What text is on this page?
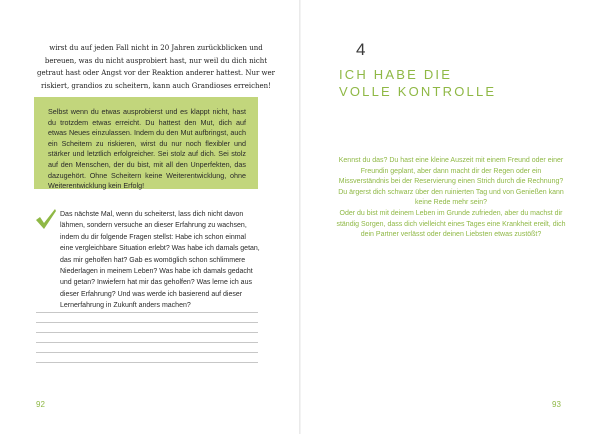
wirst du auf jeden Fall nicht in 20 Jahren zurückblicken und bereuen, was du nicht ausprobiert hast, nur weil du dich nicht getraut hast oder Angst vor der Reaktion anderer hattest. Nur wer riskiert, grandios zu scheitern, kann auch Grandioses erreichen!

Selbst wenn du etwas ausprobierst und es klappt nicht, hast du trotzdem etwas erreicht. Du hattest den Mut, dich auf etwas Neues einzulassen. Indem du den Mut aufbringst, auch ein Scheitern zu riskieren, wirst du nur noch flexibler und stärker und letztlich erfolgreicher. Sei stolz auf dich. Sei stolz auf den Menschen, der du bist, mit all den Unperfekten, das dazugehört. Ohne Scheitern keine Weiterentwicklung, ohne Weiterentwicklung kein Erfolg!

Das nächste Mal, wenn du scheiterst, lass dich nicht davon lähmen, sondern versuche an dieser Erfahrung zu wachsen, indem du dir folgende Fragen stellst: Habe ich schon einmal eine vergleichbare Situation erlebt? Was habe ich damals getan, das mir geholfen hat? Gab es womöglich schon schlimmere Niederlagen in meinem Leben? Was habe ich damals gedacht und getan? Inwiefern hat mir das geholfen? Was lerne ich aus dieser Erfahrung? Und was werde ich basierend auf dieser Lernerfahrung in Zukunft anders machen?

92
4
ICH HABE DIE
VOLLE KONTROLLE

Kennst du das? Du hast eine kleine Auszeit mit einem Freund oder einer Freundin geplant, aber dann macht dir der Regen oder ein Missverständnis bei der Reservierung einen Strich durch die Rechnung? Du ärgerst dich schwarz über den ruinierten Tag und von Genießen kann keine Rede mehr sein?

Oder du bist mit deinem Leben im Grunde zufrieden, aber du machst dir ständig Sorgen, dass dich vielleicht eines Tages eine Krankheit ereilt, dich dein Partner verlässt oder deinen Liebsten etwas zustößt?

93
